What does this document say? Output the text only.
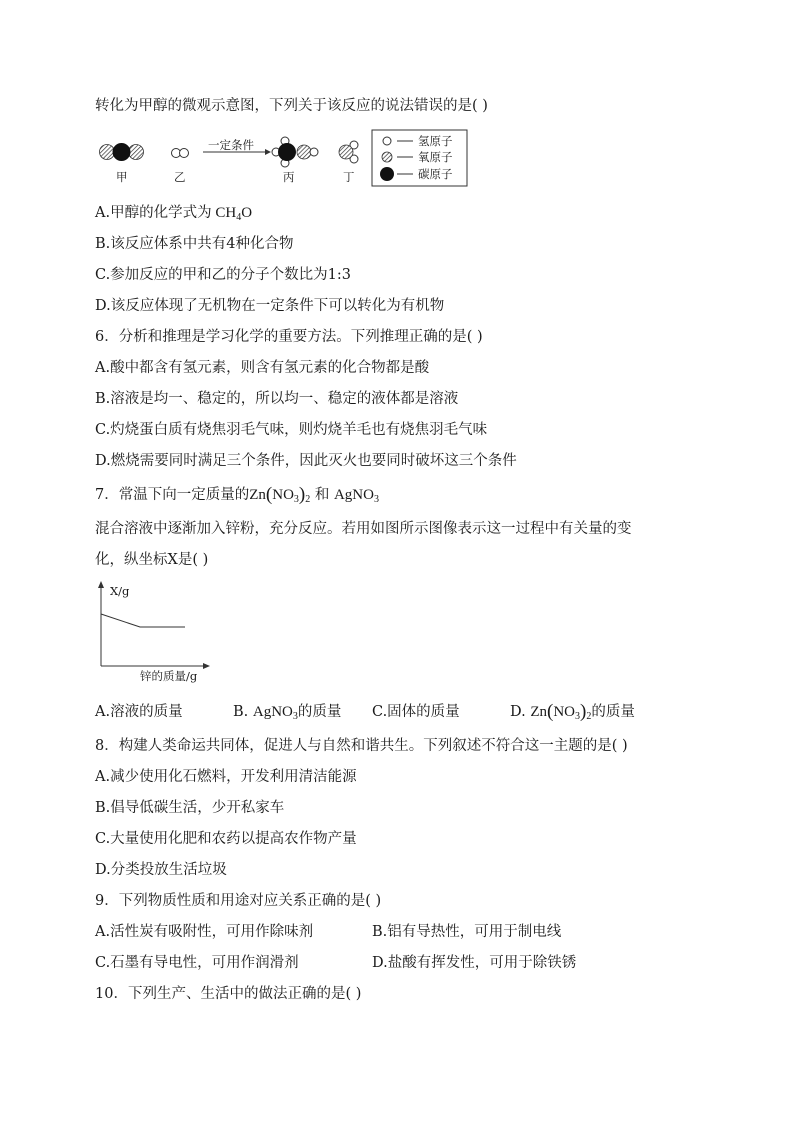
转化为甲醇的微观示意图，下列关于该反应的说法错误的是( )
一定条件
甲	乙	丙	丁
氢原子
氧原子
碳原子
A.甲醇的化学式为 $CH_4O$
B.该反应体系中共有4种化合物
C.参加反应的甲和乙的分子个数比为1:3
D.该反应体现了无机物在一定条件下可以转化为有机物
6．分析和推理是学习化学的重要方法。下列推理正确的是( )
A.酸中都含有氢元素，则含有氢元素的化合物都是酸
B.溶液是均一、稳定的，所以均一、稳定的液体都是溶液
C.灼烧蛋白质有烧焦羽毛气味，则灼烧羊毛也有烧焦羽毛气味
D.燃烧需要同时满足三个条件，因此灭火也要同时破坏这三个条件
7．常温下向一定质量的$Zn(NO_3)_2$ 和 AgNO$_3$
混合溶液中逐渐加入锌粉，充分反应。若用如图所示图像表示这一过程中有关量的变
化，纵坐标X是( )
X/g
锌的质量/g
A.溶液的质量	B. AgNO$_3$的质量 C.固体的质量	D. $Zn(NO_3)_2$的质量
8．构建人类命运共同体，促进人与自然和谐共生。下列叙述不符合这一主题的是( )
A.减少使用化石燃料，开发利用清洁能源
B.倡导低碳生活，少开私家车
C.大量使用化肥和农药以提高农作物产量
D.分类投放生活垃圾
9．下列物质性质和用途对应关系正确的是( )
A.活性炭有吸附性，可用作除味剂	B.铝有导热性，可用于制电线
C.石墨有导电性，可用作润滑剂	D.盐酸有挥发性，可用于除铁锈
10．下列生产、生活中的做法正确的是( )
